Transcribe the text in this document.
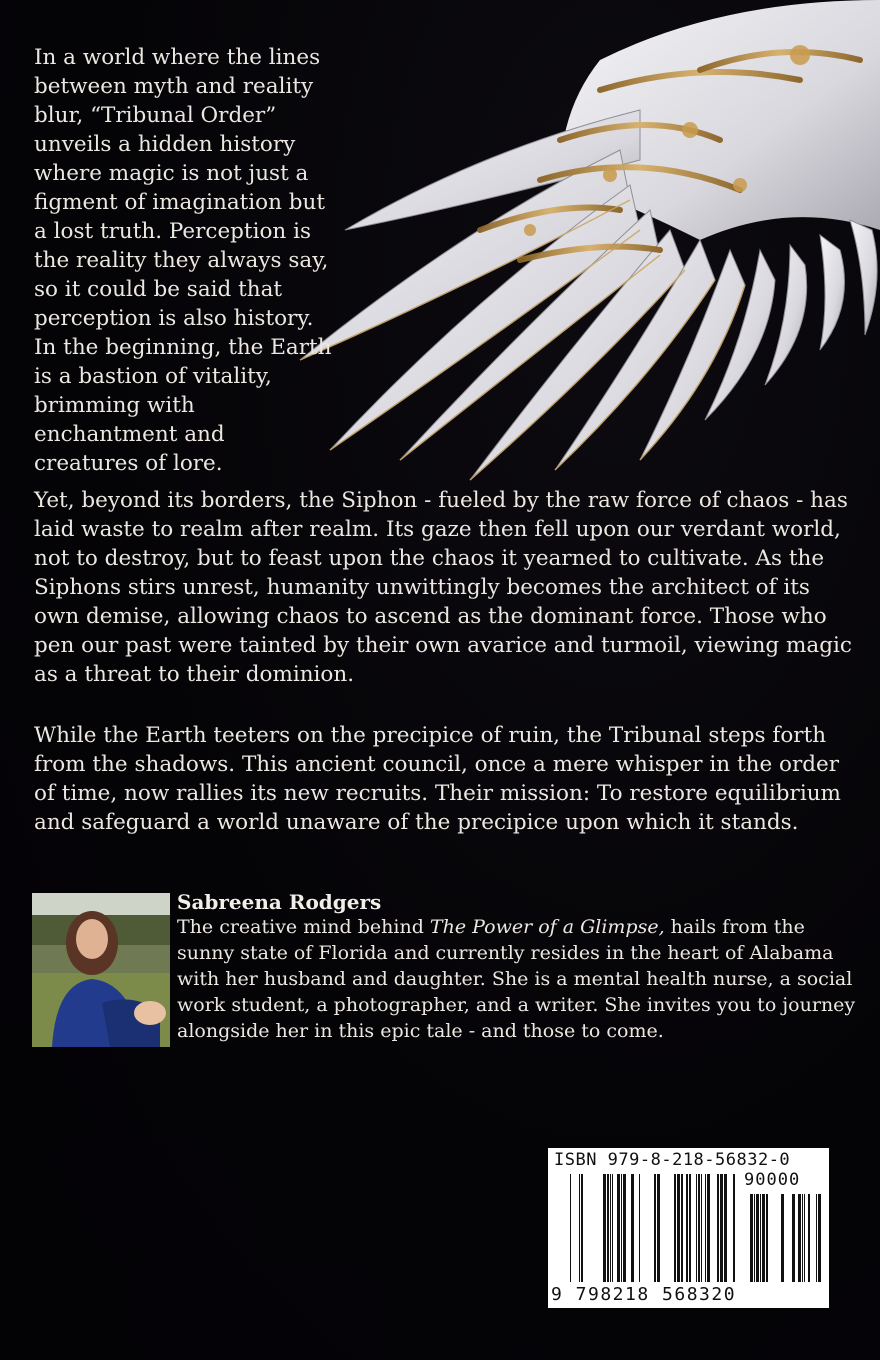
In a world where the lines between myth and reality blur, “Tribunal Order” unveils a hidden history where magic is not just a figment of imagination but a lost truth. Perception is the reality they always say, so it could be said that perception is also history. In the beginning, the Earth is a bastion of vitality, brimming with enchantment and creatures of lore.

Yet, beyond its borders, the Siphon - fueled by the raw force of chaos - has laid waste to realm after realm. Its gaze then fell upon our verdant world, not to destroy, but to feast upon the chaos it yearned to cultivate. As the Siphons stirs unrest, humanity unwittingly becomes the architect of its own demise, allowing chaos to ascend as the dominant force. Those who pen our past were tainted by their own avarice and turmoil, viewing magic as a threat to their dominion.

While the Earth teeters on the precipice of ruin, the Tribunal steps forth from the shadows. This ancient council, once a mere whisper in the order of time, now rallies its new recruits. Their mission: To restore equilibrium and safeguard a world unaware of the precipice upon which it stands.

Sabreena Rodgers

The creative mind behind The Power of a Glimpse, hails from the sunny state of Florida and currently resides in the heart of Alabama with her husband and daughter. She is a mental health nurse, a social work student, a photographer, and a writer. She invites you to journey alongside her in this epic tale - and those to come.

ISBN 979-8-218-56832-0

90000

9 798218 568320
